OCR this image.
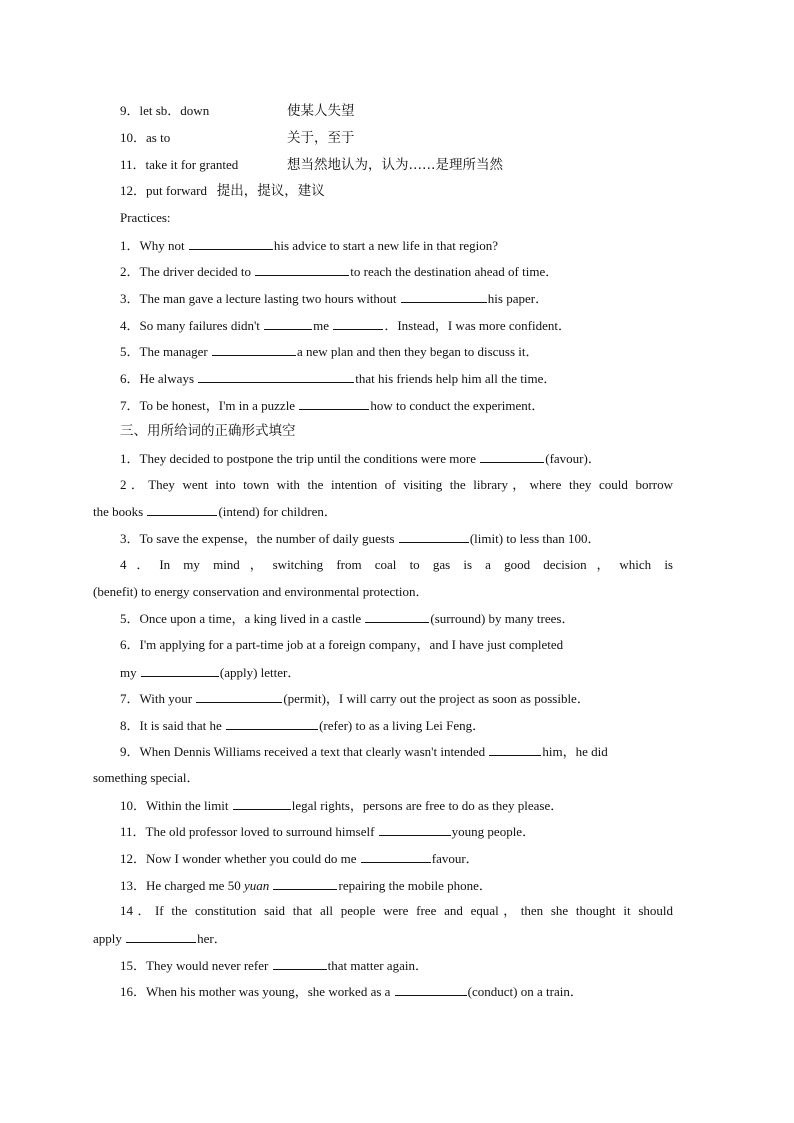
9．let sb．down	使某人失望
10．as to	关于，至于
11．take it for granted	想当然地认为，认为……是理所当然
12．put forward 提出，提议，建议
Practices:
1．Why not	his advice to start a new life in that region?
2．The driver decided to	to reach the destination ahead of time．
3．The man gave a lecture lasting two hours without	his paper．
4．So many failures didn't	me	．Instead，I was more confident．
5．The manager	a new plan and then they began to discuss it．
6．He always	that his friends help him all the time．
7．To be honest，I'm in a puzzle	how to conduct the experiment．
三、用所给词的正确形式填空
1．They decided to postpone the trip until the conditions were more	(favour)．
2．They went into town with the intention of visiting the library，where they could borrow
the books	(intend) for children．
3．To save the expense，the number of daily guests	(limit) to less than 100．
4．In my mind，switching from coal to gas is a good decision，which is
(benefit) to energy conservation and environmental protection．
5．Once upon a time，a king lived in a castle	(surround) by many trees．
6．I'm applying for a part-time job at a foreign company，and I have just completed
my	(apply) letter．
7．With your	(permit)，I will carry out the project as soon as possible．
8．It is said that he	(refer) to as a living Lei Feng．
9．When Dennis Williams received a text that clearly wasn't intended	him，he did
something special．
10．Within the limit	legal rights，persons are free to do as they please．
11．The old professor loved to surround himself	young people．
12．Now I wonder whether you could do me	favour．
13．He charged me 50 yuan	repairing the mobile phone．
14．If the constitution said that all people were free and equal，then she thought it should
apply	her．
15．They would never refer	that matter again．
16．When his mother was young，she worked as a	(conduct) on a train．
